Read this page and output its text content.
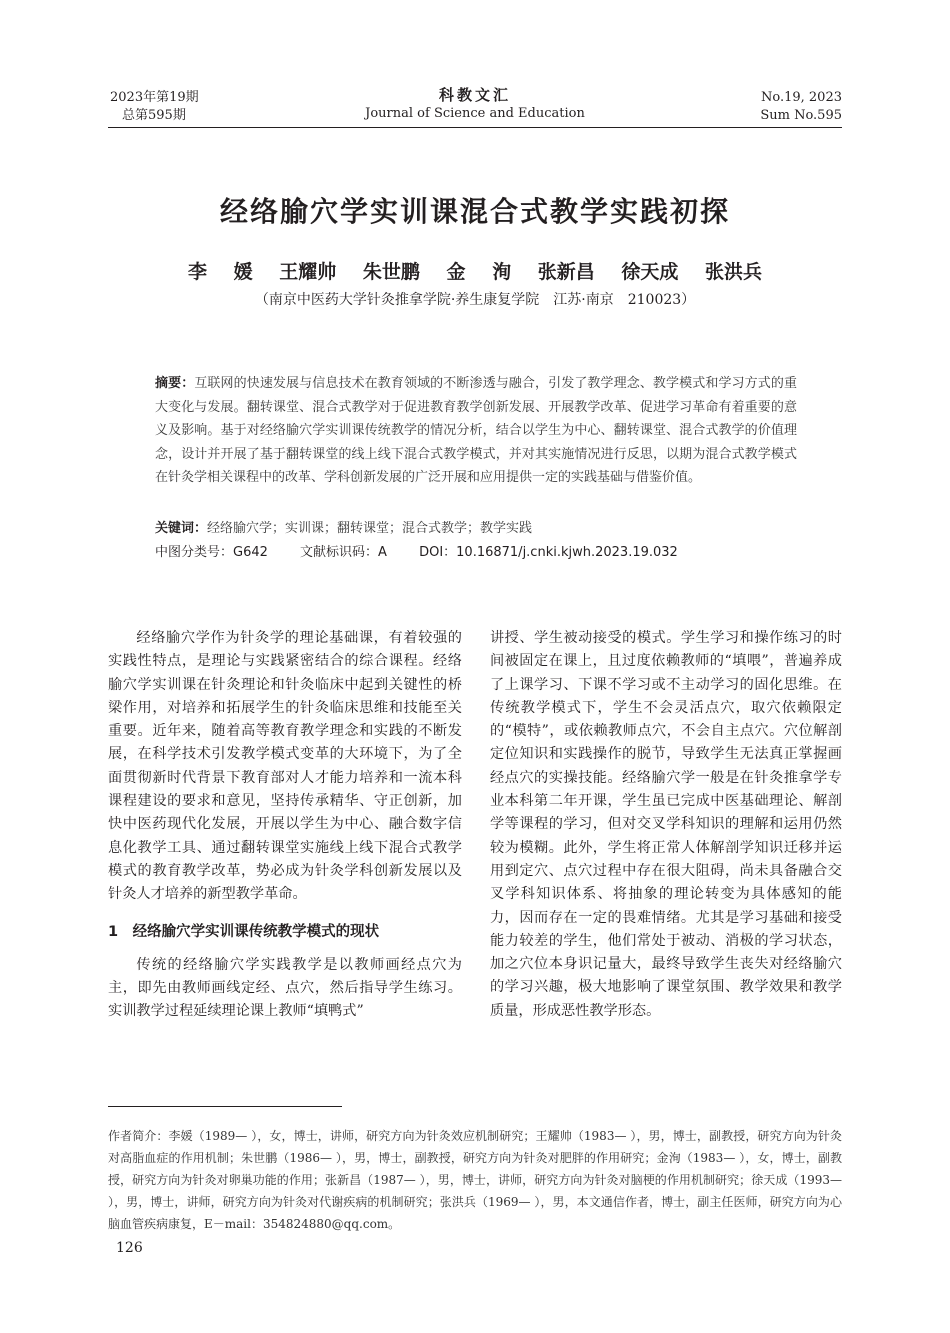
2023年第19期
总第595期
科教文汇
Journal of Science and Education
No.19, 2023
Sum No.595
经络腧穴学实训课混合式教学实践初探
李 媛 王耀帅 朱世鹏 金 洵 张新昌 徐天成 张洪兵
（南京中医药大学针灸推拿学院·养生康复学院　江苏·南京　210023）
摘要：互联网的快速发展与信息技术在教育领域的不断渗透与融合，引发了教学理念、教学模式和学习方式的重大变化与发展。翻转课堂、混合式教学对于促进教育教学创新发展、开展教学改革、促进学习革命有着重要的意义及影响。基于对经络腧穴学实训课传统教学的情况分析，结合以学生为中心、翻转课堂、混合式教学的价值理念，设计并开展了基于翻转课堂的线上线下混合式教学模式，并对其实施情况进行反思，以期为混合式教学模式在针灸学相关课程中的改革、学科创新发展的广泛开展和应用提供一定的实践基础与借鉴价值。
关键词：经络腧穴学；实训课；翻转课堂；混合式教学；教学实践
中图分类号：G642 文献标识码：A DOI：10.16871/j.cnki.kjwh.2023.19.032

经络腧穴学作为针灸学的理论基础课，有着较强的实践性特点，是理论与实践紧密结合的综合课程。经络腧穴学实训课在针灸理论和针灸临床中起到关键性的桥梁作用，对培养和拓展学生的针灸临床思维和技能至关重要。近年来，随着高等教育教学理念和实践的不断发展，在科学技术引发教学模式变革的大环境下，为了全面贯彻新时代背景下教育部对人才能力培养和一流本科课程建设的要求和意见，坚持传承精华、守正创新，加快中医药现代化发展，开展以学生为中心、融合数字信息化教学工具、通过翻转课堂实施线上线下混合式教学模式的教育教学改革，势必成为针灸学科创新发展以及针灸人才培养的新型教学革命。

1　经络腧穴学实训课传统教学模式的现状

传统的经络腧穴学实践教学是以教师画经点穴为主，即先由教师画线定经、点穴，然后指导学生练习。实训教学过程延续理论课上教师“填鸭式”

讲授、学生被动接受的模式。学生学习和操作练习的时间被固定在课上，且过度依赖教师的“填喂”，普遍养成了上课学习、下课不学习或不主动学习的固化思维。在传统教学模式下，学生不会灵活点穴，取穴依赖限定的“模特”，或依赖教师点穴，不会自主点穴。穴位解剖定位知识和实践操作的脱节，导致学生无法真正掌握画经点穴的实操技能。经络腧穴学一般是在针灸推拿学专业本科第二年开课，学生虽已完成中医基础理论、解剖学等课程的学习，但对交叉学科知识的理解和运用仍然较为模糊。此外，学生将正常人体解剖学知识迁移并运用到定穴、点穴过程中存在很大阻碍，尚未具备融合交叉学科知识体系、将抽象的理论转变为具体感知的能力，因而存在一定的畏难情绪。尤其是学习基础和接受能力较差的学生，他们常处于被动、消极的学习状态，加之穴位本身识记量大，最终导致学生丧失对经络腧穴的学习兴趣，极大地影响了课堂氛围、教学效果和教学质量，形成恶性教学形态。

作者简介：李媛（1989— ），女，博士，讲师，研究方向为针灸效应机制研究；王耀帅（1983— ），男，博士，副教授，研究方向为针灸对高脂血症的作用机制；朱世鹏（1986— ），男，博士，副教授，研究方向为针灸对肥胖的作用研究；金洵（1983— ），女，博士，副教授，研究方向为针灸对卵巢功能的作用；张新昌（1987— ），男，博士，讲师，研究方向为针灸对脑梗的作用机制研究；徐天成（1993— ），男，博士，讲师，研究方向为针灸对代谢疾病的机制研究；张洪兵（1969— ），男，本文通信作者，博士，副主任医师，研究方向为心脑血管疾病康复，E－mail：354824880@qq.com。
126
